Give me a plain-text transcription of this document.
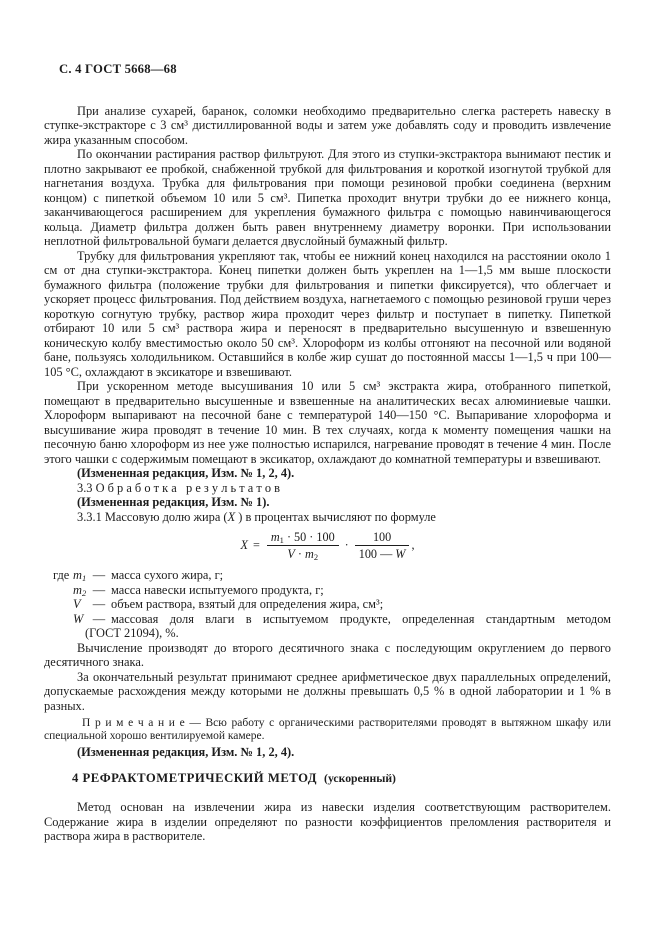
С. 4 ГОСТ 5668—68

При анализе сухарей, баранок, соломки необходимо предварительно слегка растереть навеску в ступке-экстракторе с 3 см³ дистиллированной воды и затем уже добавлять соду и проводить извлечение жира указанным способом.

По окончании растирания раствор фильтруют. Для этого из ступки-экстрактора вынимают пестик и плотно закрывают ее пробкой, снабженной трубкой для фильтрования и короткой изогнутой трубкой для нагнетания воздуха. Трубка для фильтрования при помощи резиновой пробки соединена (верхним концом) с пипеткой объемом 10 или 5 см³. Пипетка проходит внутри трубки до ее нижнего конца, заканчивающегося расширением для укрепления бумажного фильтра с помощью навинчивающегося кольца. Диаметр фильтра должен быть равен внутреннему диаметру воронки. При использовании неплотной фильтровальной бумаги делается двуслойный бумажный фильтр.

Трубку для фильтрования укрепляют так, чтобы ее нижний конец находился на расстоянии около 1 см от дна ступки-экстрактора. Конец пипетки должен быть укреплен на 1—1,5 мм выше плоскости бумажного фильтра (положение трубки для фильтрования и пипетки фиксируется), что облегчает и ускоряет процесс фильтрования. Под действием воздуха, нагнетаемого с помощью резиновой груши через короткую согнутую трубку, раствор жира проходит через фильтр и поступает в пипетку. Пипеткой отбирают 10 или 5 см³ раствора жира и переносят в предварительно высушенную и взвешенную коническую колбу вместимостью около 50 см³. Хлороформ из колбы отгоняют на песочной или водяной бане, пользуясь холодильником. Оставшийся в колбе жир сушат до постоянной массы 1—1,5 ч при 100—105 °С, охлаждают в эксикаторе и взвешивают.

При ускоренном методе высушивания 10 или 5 см³ экстракта жира, отобранного пипеткой, помещают в предварительно высушенные и взвешенные на аналитических весах алюминиевые чашки. Хлороформ выпаривают на песочной бане с температурой 140—150 °С. Выпаривание хлороформа и высушивание жира проводят в течение 10 мин. В тех случаях, когда к моменту помещения чашки на песочную баню хлороформ из нее уже полностью испарился, нагревание проводят в течение 4 мин. После этого чашки с содержимым помещают в эксикатор, охлаждают до комнатной температуры и взвешивают.

(Измененная редакция, Изм. № 1, 2, 4).

3.3 О б р а б о т к а   р е з у л ь т а т о в

(Измененная редакция, Изм. № 1).

3.3.1 Массовую долю жира (X ) в процентах вычисляют по формуле

$X = \frac{m_1 \cdot 50 \cdot 100}{V \cdot m_2} \cdot \frac{100}{100 — W}$ ,
где $m_1$ — масса сухого жира, г;
$m_2$ — масса навески испытуемого продукта, г;
V — объем раствора, взятый для определения жира, см³;
W — массовая доля влаги в испытуемом продукте, определенная стандартным методом
(ГОСТ 21094), %.

Вычисление производят до второго десятичного знака с последующим округлением до первого десятичного знака.

За окончательный результат принимают среднее арифметическое двух параллельных определений, допускаемые расхождения между которыми не должны превышать 0,5 % в одной лаборатории и 1 % в разных.

П р и м е ч а н и е — Всю работу с органическими растворителями проводят в вытяжном шкафу или специальной хорошо вентилируемой камере.

(Измененная редакция, Изм. № 1, 2, 4).

4 РЕФРАКТОМЕТРИЧЕСКИЙ МЕТОД (ускоренный)

Метод основан на извлечении жира из навески изделия соответствующим растворителем. Содержание жира в изделии определяют по разности коэффициентов преломления растворителя и раствора жира в растворителе.
